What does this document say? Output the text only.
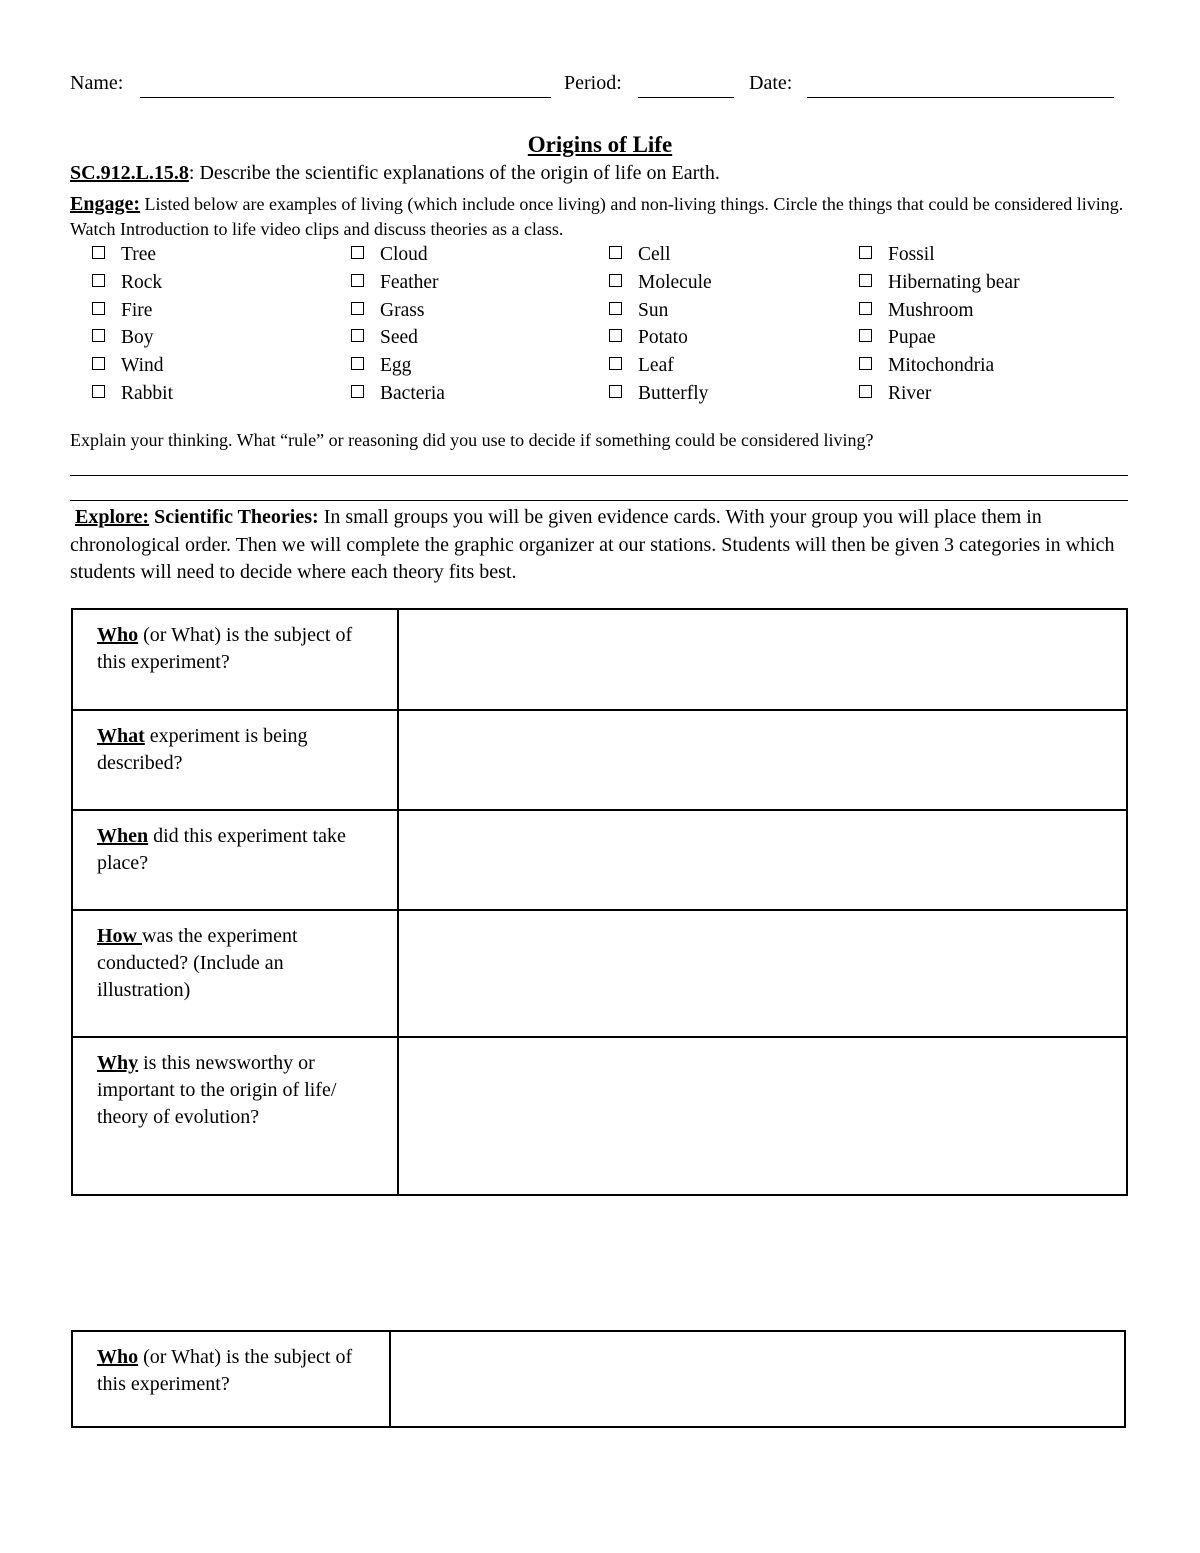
Name:	Period:	Date:
Origins of Life
SC.912.L.15.8: Describe the scientific explanations of the origin of life on Earth.
Engage: Listed below are examples of living (which include once living) and non-living things. Circle the things that could be considered living. Watch Introduction to life video clips and discuss theories as a class.
Tree
Rock
Fire
Boy
Wind
Rabbit
Cloud
Feather
Grass
Seed
Egg
Bacteria
Cell
Molecule
Sun
Potato
Leaf
Butterfly
Fossil
Hibernating bear
Mushroom
Pupae
Mitochondria
River
Explain your thinking. What “rule” or reasoning did you use to decide if something could be considered living?
Explore: Scientific Theories: In small groups you will be given evidence cards. With your group you will place them in chronological order. Then we will complete the graphic organizer at our stations. Students will then be given 3 categories in which students will need to decide where each theory fits best.
Who (or What) is the subject of this experiment?	
What experiment is being described?	
When did this experiment take place?	
How was the experiment conducted? (Include an illustration)	
Why is this newsworthy or important to the origin of life/ theory of evolution?	
Who (or What) is the subject of this experiment?	
